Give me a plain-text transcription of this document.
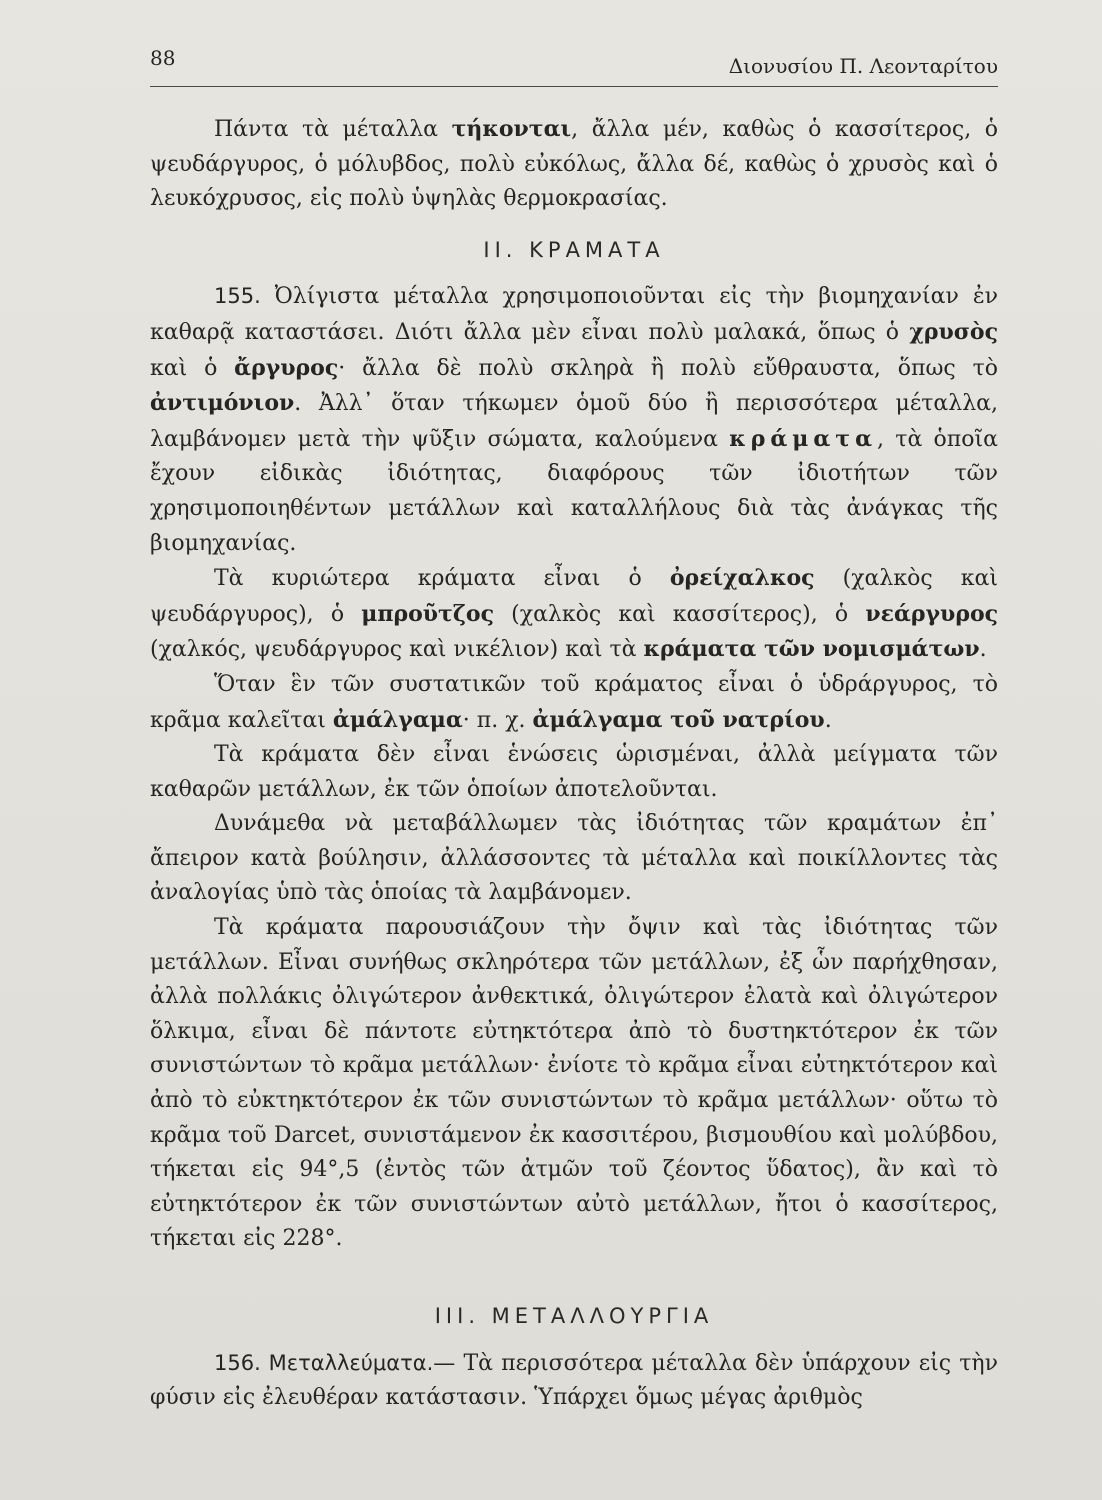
88	Διονυσίου Π. Λεονταρίτου

Πάντα τὰ μέταλλα τήκονται, ἄλλα μέν, καθὼς ὁ κασσίτερος, ὁ ψευδάργυρος, ὁ μόλυβδος, πολὺ εὐκόλως, ἄλλα δέ, καθὼς ὁ χρυσὸς καὶ ὁ λευκόχρυσος, εἰς πολὺ ὑψηλὰς θερμοκρασίας.

ΙΙ. ΚΡΑΜΑΤΑ

155. Ὀλίγιστα μέταλλα χρησιμοποιοῦνται εἰς τὴν βιομηχανίαν ἐν καθαρᾷ καταστάσει. Διότι ἄλλα μὲν εἶναι πολὺ μαλακά, ὅπως ὁ χρυσὸς καὶ ὁ ἄργυρος· ἄλλα δὲ πολὺ σκληρὰ ἢ πολὺ εὔθραυστα, ὅπως τὸ ἀντιμόνιον. Ἀλλ᾽ ὅταν τήκωμεν ὁμοῦ δύο ἢ περισσότερα μέταλλα, λαμβάνομεν μετὰ τὴν ψῦξιν σώματα, καλούμενα κράματα, τὰ ὁποῖα ἔχουν εἰδικὰς ἰδιότητας, διαφόρους τῶν ἰδιοτήτων τῶν χρησιμοποιηθέντων μετάλλων καὶ καταλλήλους διὰ τὰς ἀνάγκας τῆς βιομηχανίας.

Τὰ κυριώτερα κράματα εἶναι ὁ ὀρείχαλκος (χαλκὸς καὶ ψευδάργυρος), ὁ μπροῦτζος (χαλκὸς καὶ κασσίτερος), ὁ νεάργυρος (χαλκός, ψευδάργυρος καὶ νικέλιον) καὶ τὰ κράματα τῶν νομισμάτων.

Ὅταν ἓν τῶν συστατικῶν τοῦ κράματος εἶναι ὁ ὑδράργυρος, τὸ κρᾶμα καλεῖται ἀμάλγαμα· π. χ. ἀμάλγαμα τοῦ νατρίου.

Τὰ κράματα δὲν εἶναι ἑνώσεις ὡρισμέναι, ἀλλὰ μείγματα τῶν καθαρῶν μετάλλων, ἐκ τῶν ὁποίων ἀποτελοῦνται.

Δυνάμεθα νὰ μεταβάλλωμεν τὰς ἰδιότητας τῶν κραμάτων ἐπ᾽ ἄπειρον κατὰ βούλησιν, ἀλλάσσοντες τὰ μέταλλα καὶ ποικίλλοντες τὰς ἀναλογίας ὑπὸ τὰς ὁποίας τὰ λαμβάνομεν.

Τὰ κράματα παρουσιάζουν τὴν ὄψιν καὶ τὰς ἰδιότητας τῶν μετάλλων. Εἶναι συνήθως σκληρότερα τῶν μετάλλων, ἐξ ὧν παρήχθησαν, ἀλλὰ πολλάκις ὀλιγώτερον ἀνθεκτικά, ὀλιγώτερον ἐλατὰ καὶ ὀλιγώτερον ὅλκιμα, εἶναι δὲ πάντοτε εὐτηκτότερα ἀπὸ τὸ δυστηκτότερον ἐκ τῶν συνιστώντων τὸ κρᾶμα μετάλλων· ἐνίοτε τὸ κρᾶμα εἶναι εὐτηκτότερον καὶ ἀπὸ τὸ εὐκτηκτότερον ἐκ τῶν συνιστώντων τὸ κρᾶμα μετάλλων· οὕτω τὸ κρᾶμα τοῦ Darcet, συνιστάμενον ἐκ κασσιτέρου, βισμουθίου καὶ μολύβδου, τήκεται εἰς 94°,5 (ἐντὸς τῶν ἀτμῶν τοῦ ζέοντος ὕδατος), ἂν καὶ τὸ εὐτηκτότερον ἐκ τῶν συνιστώντων αὐτὸ μετάλλων, ἤτοι ὁ κασσίτερος, τήκεται εἰς 228°.

ΙΙΙ. ΜΕΤΑΛΛΟΥΡΓΙΑ

156. Μεταλλεύματα.— Τὰ περισσότερα μέταλλα δὲν ὑπάρχουν εἰς τὴν φύσιν εἰς ἐλευθέραν κατάστασιν. Ὑπάρχει ὅμως μέγας ἀριθμὸς
